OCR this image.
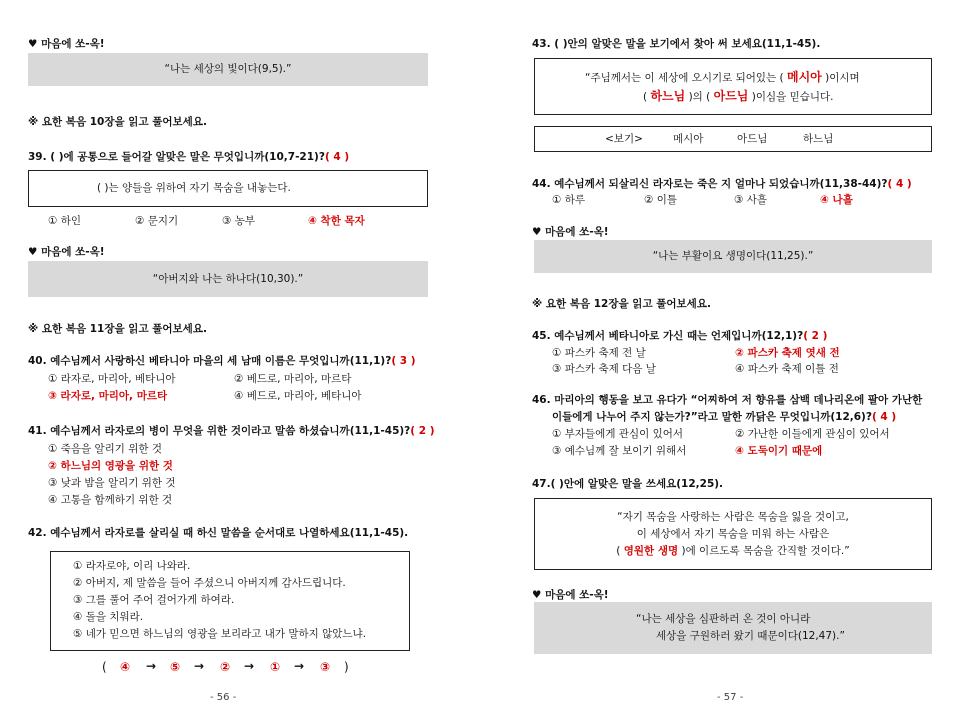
♥ 마음에 쏘-옥!
“나는 세상의 빛이다(9,5).”
※ 요한 복음 10장을 읽고 풀어보세요.
39. ( )에 공통으로 들어갈 알맞은 말은 무엇입니까(10,7-21)?( 4 )
( )는 양들을 위하여 자기 목숨을 내놓는다.
① 하인	② 문지기	③ 농부	④ 착한 목자
♥ 마음에 쏘-옥!
“아버지와 나는 하나다(10,30).”
※ 요한 복음 11장을 읽고 풀어보세요.
40. 예수님께서 사랑하신 베타니아 마을의 세 남매 이름은 무엇입니까(11,1)?( 3 )
① 라자로, 마리아, 베타니아	② 베드로, 마리아, 마르타
③ 라자로, 마리아, 마르타	④ 베드로, 마리아, 베타니아
41. 예수님께서 라자로의 병이 무엇을 위한 것이라고 말씀 하셨습니까(11,1-45)?( 2 )
① 죽음을 알리기 위한 것
② 하느님의 영광을 위한 것
③ 낮과 밤을 알리기 위한 것
④ 고통을 함께하기 위한 것
42. 예수님께서 라자로를 살리실 때 하신 말씀을 순서대로 나열하세요(11,1-45).
① 라자로야, 이리 나와라.
② 아버지, 제 말씀을 들어 주셨으니 아버지께 감사드립니다.
③ 그를 풀어 주어 걸어가게 하여라.
④ 돌을 치워라.
⑤ 네가 믿으면 하느님의 영광을 보리라고 내가 말하지 않았느냐.
( ④ → ⑤ → ② → ① → ③ )
- 56 -
43. ( )안의 알맞은 말을 보기에서 찾아 써 보세요(11,1-45).
“주님께서는 이 세상에 오시기로 되어있는 ( 메시아 )이시며
( 하느님 )의 ( 아드님 )이심을 믿습니다.
<보기>	메시아	아드님	하느님
44. 예수님께서 되살리신 라자로는 죽은 지 얼마나 되었습니까(11,38-44)?( 4 )
① 하루	② 이틀	③ 사흘	④ 나흘
♥ 마음에 쏘-옥!
“나는 부활이요 생명이다(11,25).”
※ 요한 복음 12장을 읽고 풀어보세요.
45. 예수님께서 베타니아로 가신 때는 언제입니까(12,1)?( 2 )
① 파스카 축제 전 날	② 파스카 축제 엿새 전
③ 파스카 축제 다음 날	④ 파스카 축제 이틀 전
46. 마리아의 행동을 보고 유다가 “어찌하여 저 향유를 삼백 데나리온에 팔아 가난한
이들에게 나누어 주지 않는가?”라고 말한 까닭은 무엇입니까(12,6)?( 4 )
① 부자들에게 관심이 있어서	② 가난한 이들에게 관심이 있어서
③ 예수님께 잘 보이기 위해서	④ 도둑이기 때문에
47.( )안에 알맞은 말을 쓰세요(12,25).
“자기 목숨을 사랑하는 사람은 목숨을 잃을 것이고,
이 세상에서 자기 목숨을 미워 하는 사람은
( 영원한 생명 )에 이르도록 목숨을 간직할 것이다.”
♥ 마음에 쏘-옥!
“나는 세상을 심판하러 온 것이 아니라
세상을 구원하러 왔기 때문이다(12,47).”
- 57 -
